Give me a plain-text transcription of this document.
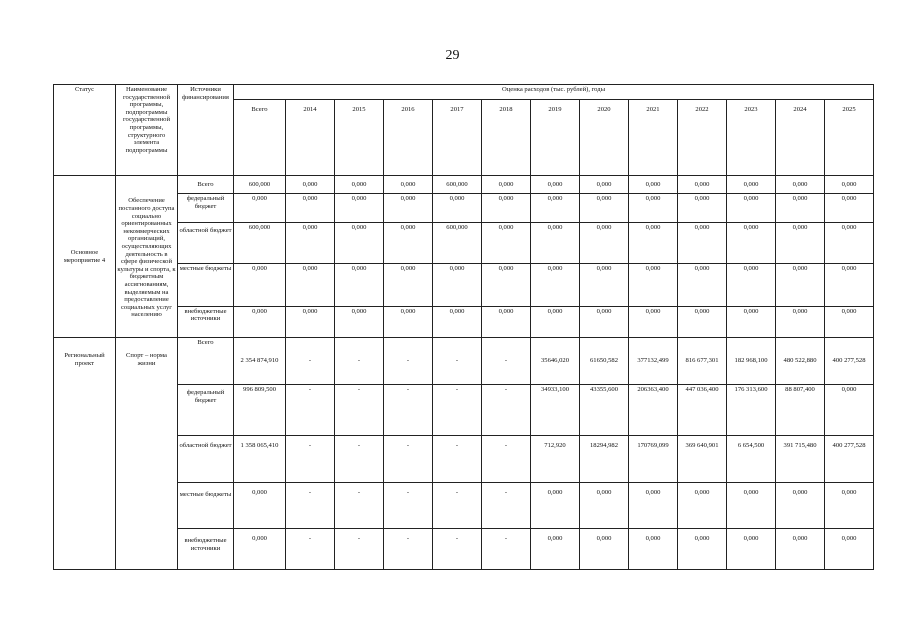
29
Статус	Наименование государственной программы, подпрограммы государственной программы, структурного элемента подпрограммы	Источники финансирования	Оценка расходов (тыс. рублей), годы												
			Всего	2014	2015	2016	2017	2018	2019	2020	2021	2022	2023	2024	2025
Основное мероприятие 4	Обеспечение постанного доступа социально ориентированных некоммерческих организаций, осуществляющих деятельность в сфере физической культуры и спорта, к бюджетным ассигнованиям, выделяемым на предоставление социальных услуг населению	Всего	600,000	0,000	0,000	0,000	600,000	0,000	0,000	0,000	0,000	0,000	0,000	0,000	0,000
		федеральный бюджет	0,000	0,000	0,000	0,000	0,000	0,000	0,000	0,000	0,000	0,000	0,000	0,000	0,000
		областной бюджет	600,000	0,000	0,000	0,000	600,000	0,000	0,000	0,000	0,000	0,000	0,000	0,000	0,000
		местные бюджеты	0,000	0,000	0,000	0,000	0,000	0,000	0,000	0,000	0,000	0,000	0,000	0,000	0,000
		внебюджетные источники	0,000	0,000	0,000	0,000	0,000	0,000	0,000	0,000	0,000	0,000	0,000	0,000	0,000
Региональный проект	Спорт – норма жизни	Всего	2 354 874,910	-	-	-	-	-	35646,020	61650,582	377132,499	816 677,301	182 968,100	480 522,880	400 277,528
		федеральный бюджет	996 809,500	-	-	-	-	-	34933,100	43355,600	206363,400	447 036,400	176 313,600	88 807,400	0,000
		областной бюджет	1 358 065,410	-	-	-	-	-	712,920	18294,982	170769,099	369 640,901	6 654,500	391 715,480	400 277,528
		местные бюджеты	0,000	-	-	-	-	-	0,000	0,000	0,000	0,000	0,000	0,000	0,000
		внебюджетные источники	0,000	-	-	-	-	-	0,000	0,000	0,000	0,000	0,000	0,000	0,000
